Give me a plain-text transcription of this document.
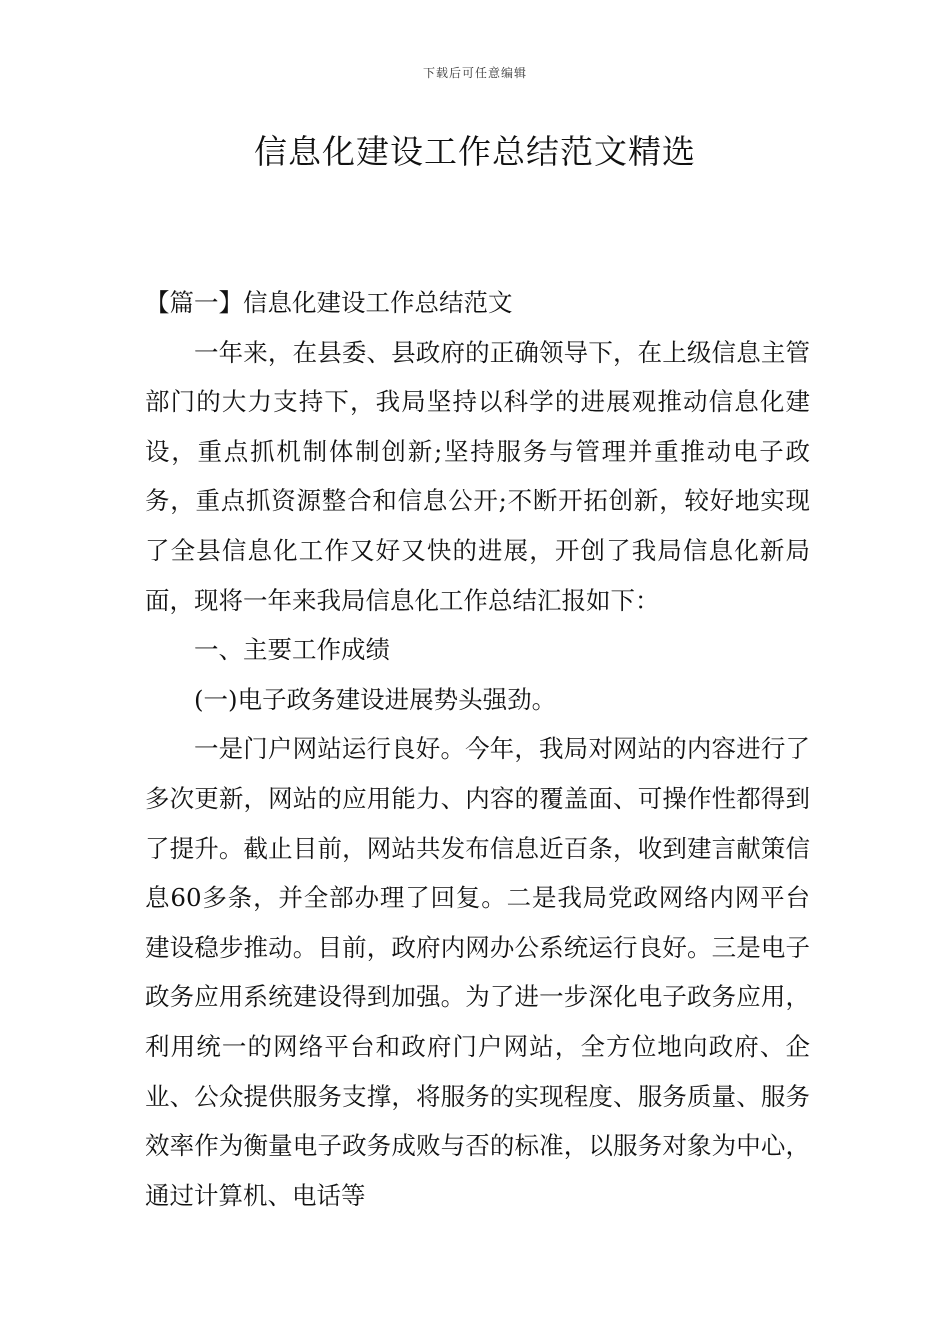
下载后可任意编辑
信息化建设工作总结范文精选

【篇一】信息化建设工作总结范文

一年来，在县委、县政府的正确领导下，在上级信息主管部门的大力支持下，我局坚持以科学的进展观推动信息化建设，重点抓机制体制创新;坚持服务与管理并重推动电子政务，重点抓资源整合和信息公开;不断开拓创新，较好地实现了全县信息化工作又好又快的进展，开创了我局信息化新局面，现将一年来我局信息化工作总结汇报如下：

一、主要工作成绩

(一)电子政务建设进展势头强劲。

一是门户网站运行良好。今年，我局对网站的内容进行了多次更新，网站的应用能力、内容的覆盖面、可操作性都得到了提升。截止目前，网站共发布信息近百条，收到建言献策信息60多条，并全部办理了回复。二是我局党政网络内网平台建设稳步推动。目前，政府内网办公系统运行良好。三是电子政务应用系统建设得到加强。为了进一步深化电子政务应用，利用统一的网络平台和政府门户网站，全方位地向政府、企业、公众提供服务支撑，将服务的实现程度、服务质量、服务效率作为衡量电子政务成败与否的标准，以服务对象为中心，通过计算机、电话等
